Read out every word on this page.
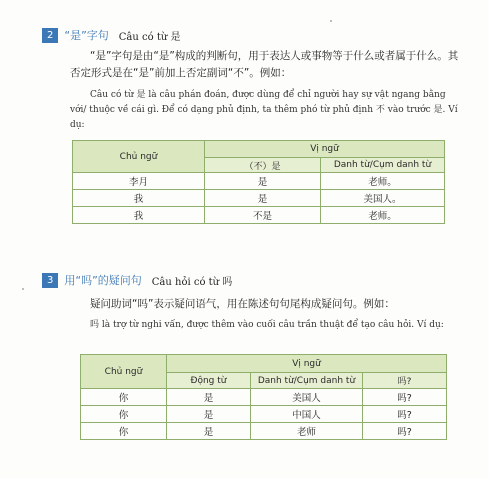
2	“是”字句 Câu có từ 是
“是”字句是由“是”构成的判断句，用于表达人或事物等于什么或者属于什么。其否定形式是在“是”前加上否定副词“不”。例如：
Câu có từ 是 là câu phán đoán, được dùng để chỉ người hay sự vật ngang bằng với/ thuộc về cái gì. Để có dạng phủ định, ta thêm phó từ phủ định 不 vào trước 是. Ví dụ:
Chủ ngữ	Vị ngữ	
	（不）是	Danh từ/Cụm danh từ
李月	是	老师。
我	是	美国人。
我	不是	老师。
3	用“吗”的疑问句 Câu hỏi có từ 吗
疑问助词“吗”表示疑问语气，用在陈述句句尾构成疑问句。例如：
吗 là trợ từ nghi vấn, được thêm vào cuối câu trần thuật để tạo câu hỏi. Ví dụ:
Chủ ngữ	Vị ngữ		
	Động từ	Danh từ/Cụm danh từ	吗?
你	是	美国人	吗?
你	是	中国人	吗?
你	是	老师	吗?
